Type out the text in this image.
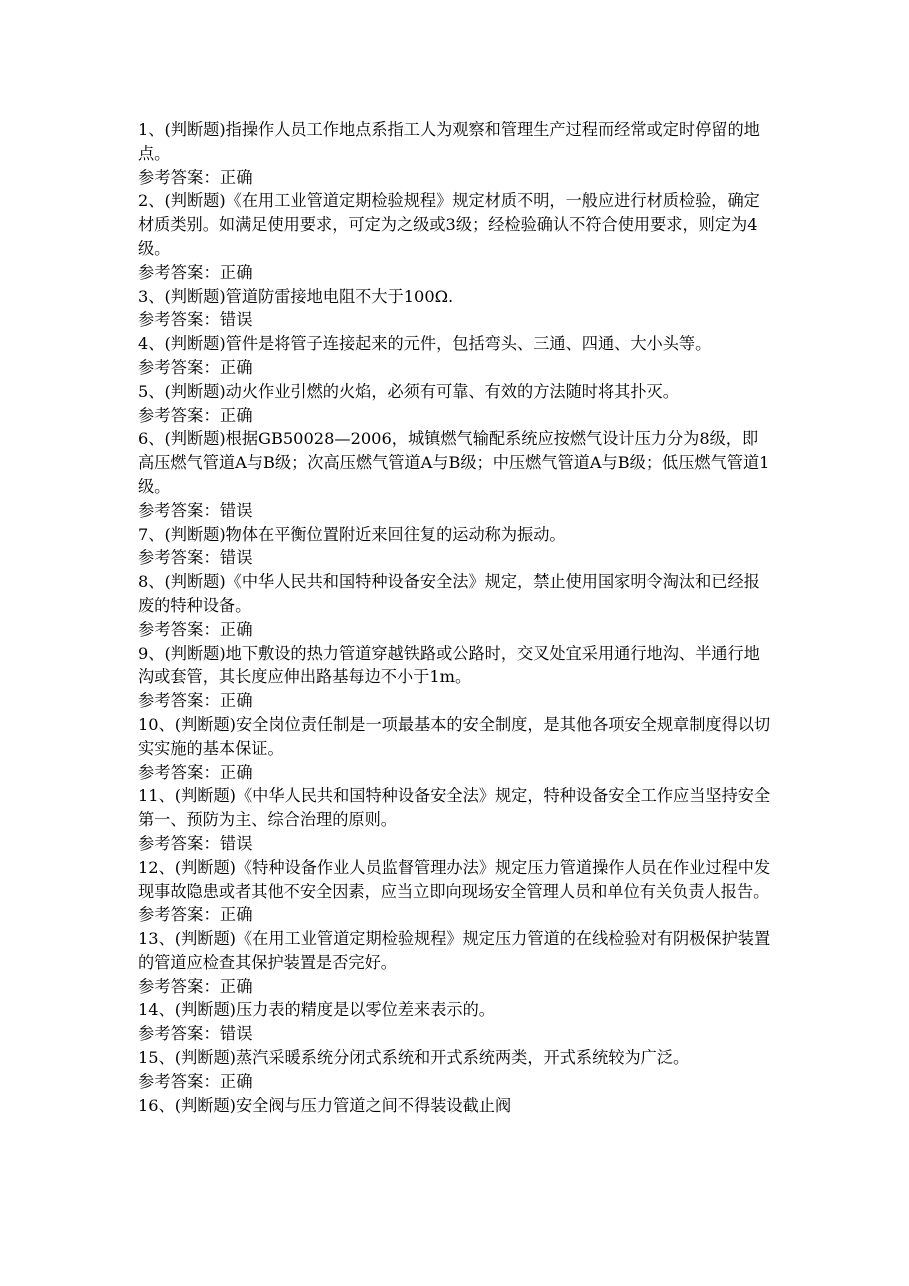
1、(判断题)指操作人员工作地点系指工人为观察和管理生产过程而经常或定时停留的地点。

参考答案：正确

2、(判断题)《在用工业管道定期检验规程》规定材质不明，一般应进行材质检验，确定材质类别。如满足使用要求，可定为之级或3级；经检验确认不符合使用要求，则定为4级。

参考答案：正确

3、(判断题)管道防雷接地电阻不大于100Ω.

参考答案：错误

4、(判断题)管件是将管子连接起来的元件，包括弯头、三通、四通、大小头等。

参考答案：正确

5、(判断题)动火作业引燃的火焰，必须有可靠、有效的方法随时将其扑灭。

参考答案：正确

6、(判断题)根据GB50028—2006，城镇燃气输配系统应按燃气设计压力分为8级，即高压燃气管道A与B级；次高压燃气管道A与B级；中压燃气管道A与B级；低压燃气管道1级。

参考答案：错误

7、(判断题)物体在平衡位置附近来回往复的运动称为振动。

参考答案：错误

8、(判断题)《中华人民共和国特种设备安全法》规定，禁止使用国家明令淘汰和已经报废的特种设备。

参考答案：正确

9、(判断题)地下敷设的热力管道穿越铁路或公路时，交叉处宜采用通行地沟、半通行地沟或套管，其长度应伸出路基每边不小于1m。

参考答案：正确

10、(判断题)安全岗位责任制是一项最基本的安全制度，是其他各项安全规章制度得以切实实施的基本保证。

参考答案：正确

11、(判断题)《中华人民共和国特种设备安全法》规定，特种设备安全工作应当坚持安全第一、预防为主、综合治理的原则。

参考答案：错误

12、(判断题)《特种设备作业人员监督管理办法》规定压力管道操作人员在作业过程中发现事故隐患或者其他不安全因素，应当立即向现场安全管理人员和单位有关负责人报告。

参考答案：正确

13、(判断题)《在用工业管道定期检验规程》规定压力管道的在线检验对有阴极保护装置的管道应检查其保护装置是否完好。

参考答案：正确

14、(判断题)压力表的精度是以零位差来表示的。

参考答案：错误

15、(判断题)蒸汽采暖系统分闭式系统和开式系统两类，开式系统较为广泛。

参考答案：正确

16、(判断题)安全阀与压力管道之间不得装设截止阀
